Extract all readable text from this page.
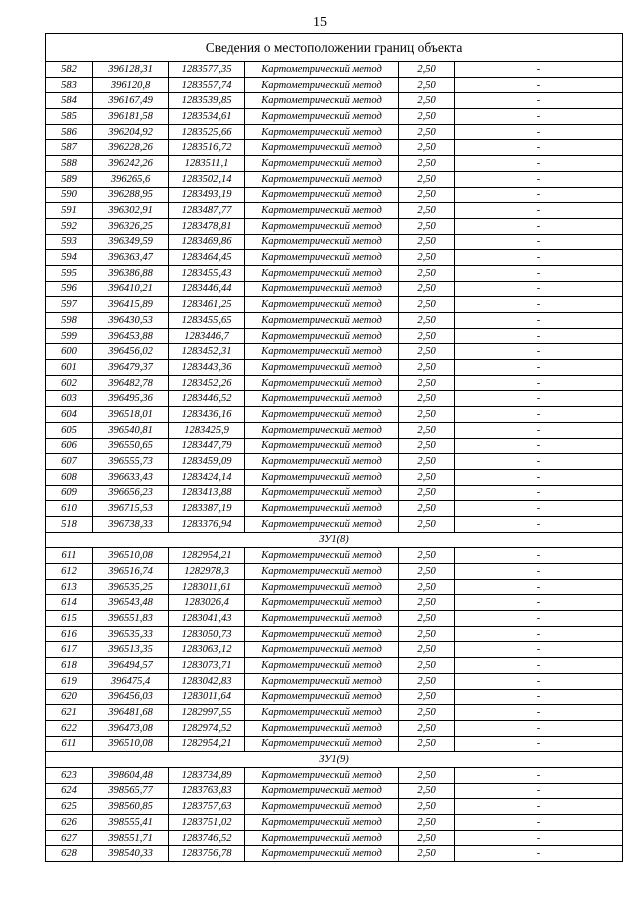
15
Сведения о местоположении границ объекта					
582	396128,31	1283577,35	Картометрический метод	2,50	-
583	396120,8	1283557,74	Картометрический метод	2,50	-
584	396167,49	1283539,85	Картометрический метод	2,50	-
585	396181,58	1283534,61	Картометрический метод	2,50	-
586	396204,92	1283525,66	Картометрический метод	2,50	-
587	396228,26	1283516,72	Картометрический метод	2,50	-
588	396242,26	1283511,1	Картометрический метод	2,50	-
589	396265,6	1283502,14	Картометрический метод	2,50	-
590	396288,95	1283493,19	Картометрический метод	2,50	-
591	396302,91	1283487,77	Картометрический метод	2,50	-
592	396326,25	1283478,81	Картометрический метод	2,50	-
593	396349,59	1283469,86	Картометрический метод	2,50	-
594	396363,47	1283464,45	Картометрический метод	2,50	-
595	396386,88	1283455,43	Картометрический метод	2,50	-
596	396410,21	1283446,44	Картометрический метод	2,50	-
597	396415,89	1283461,25	Картометрический метод	2,50	-
598	396430,53	1283455,65	Картометрический метод	2,50	-
599	396453,88	1283446,7	Картометрический метод	2,50	-
600	396456,02	1283452,31	Картометрический метод	2,50	-
601	396479,37	1283443,36	Картометрический метод	2,50	-
602	396482,78	1283452,26	Картометрический метод	2,50	-
603	396495,36	1283446,52	Картометрический метод	2,50	-
604	396518,01	1283436,16	Картометрический метод	2,50	-
605	396540,81	1283425,9	Картометрический метод	2,50	-
606	396550,65	1283447,79	Картометрический метод	2,50	-
607	396555,73	1283459,09	Картометрический метод	2,50	-
608	396633,43	1283424,14	Картометрический метод	2,50	-
609	396656,23	1283413,88	Картометрический метод	2,50	-
610	396715,53	1283387,19	Картометрический метод	2,50	-
518	396738,33	1283376,94	Картометрический метод	2,50	-
ЗУ1(8)					
611	396510,08	1282954,21	Картометрический метод	2,50	-
612	396516,74	1282978,3	Картометрический метод	2,50	-
613	396535,25	1283011,61	Картометрический метод	2,50	-
614	396543,48	1283026,4	Картометрический метод	2,50	-
615	396551,83	1283041,43	Картометрический метод	2,50	-
616	396535,33	1283050,73	Картометрический метод	2,50	-
617	396513,35	1283063,12	Картометрический метод	2,50	-
618	396494,57	1283073,71	Картометрический метод	2,50	-
619	396475,4	1283042,83	Картометрический метод	2,50	-
620	396456,03	1283011,64	Картометрический метод	2,50	-
621	396481,68	1282997,55	Картометрический метод	2,50	-
622	396473,08	1282974,52	Картометрический метод	2,50	-
611	396510,08	1282954,21	Картометрический метод	2,50	-
ЗУ1(9)					
623	398604,48	1283734,89	Картометрический метод	2,50	-
624	398565,77	1283763,83	Картометрический метод	2,50	-
625	398560,85	1283757,63	Картометрический метод	2,50	-
626	398555,41	1283751,02	Картометрический метод	2,50	-
627	398551,71	1283746,52	Картометрический метод	2,50	-
628	398540,33	1283756,78	Картометрический метод	2,50	-
